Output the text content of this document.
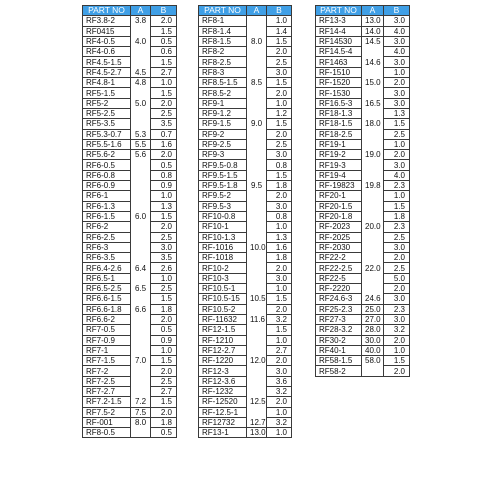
PART NO	A	B
RF3.8-2	3.8	2.0
RF0415		1.5
RF4-0.5	4.0	0.5
RF4-0.6		0.6
RF4.5-1.5		1.5
RF4.5-2.7	4.5	2.7
RF4.8-1	4.8	1.0
RF5-1.5		1.5
RF5-2	5.0	2.0
RF5-2.5		2.5
RF5-3.5		3.5
RF5.3-0.7	5.3	0.7
RF5.5-1.6	5.5	1.6
RF5.6-2	5.6	2.0
RF6-0.5		0.5
RF6-0.8		0.8
RF6-0.9		0.9
RF6-1		1.0
RF6-1.3		1.3
RF6-1.5	6.0	1.5
RF6-2		2.0
RF6-2.5		2.5
RF6-3		3.0
RF6-3.5		3.5
RF6.4-2.6	6.4	2.6
RF6.5-1		1.0
RF6.5-2.5	6.5	2.5
RF6.6-1.5		1.5
RF6.6-1.8	6.6	1.8
RF6.6-2		2.0
RF7-0.5		0.5
RF7-0.9		0.9
RF7-1		1.0
RF7-1.5	7.0	1.5
RF7-2		2.0
RF7-2.5		2.5
RF7-2.7		2.7
RF7.2-1.5	7.2	1.5
RF7.5-2	7.5	2.0
RF-001	8.0	1.8
RF8-0.5		0.5
PART NO	A	B
RF8-1		1.0
RF8-1.4		1.4
RF8-1.5	8.0	1.5
RF8-2		2.0
RF8-2.5		2.5
RF8-3		3.0
RF8.5-1.5	8.5	1.5
RF8.5-2		2.0
RF9-1		1.0
RF9-1.2		1.2
RF9-1.5	9.0	1.5
RF9-2		2.0
RF9-2.5		2.5
RF9-3		3.0
RF9.5-0.8		0.8
RF9.5-1.5		1.5
RF9.5-1.8	9.5	1.8
RF9.5-2		2.0
RF9.5-3		3.0
RF10-0.8		0.8
RF10-1		1.0
RF10-1.3		1.3
RF-1016	10.0	1.6
RF-1018		1.8
RF10-2		2.0
RF10-3		3.0
RF10.5-1		1.0
RF10.5-15	10.5	1.5
RF10.5-2		2.0
RF-11632	11.6	3.2
RF12-1.5		1.5
RF-1210		1.0
RF12-2.7		2.7
RF-1220	12.0	2.0
RF12-3		3.0
RF12-3.6		3.6
RF-1232		3.2
RF-12520	12.5	2.0
RF-12.5-1		1.0
RF12732	12.7	3.2
RF13-1	13.0	1.0
PART NO	A	B
RF13-3	13.0	3.0
RF14-4	14.0	4.0
RF14530	14.5	3.0
RF14.5-4		4.0
RF1463	14.6	3.0
RF-1510		1.0
RF-1520	15.0	2.0
RF-1530		3.0
RF16.5-3	16.5	3.0
RF18-1.3		1.3
RF18-1.5	18.0	1.5
RF18-2.5		2.5
RF19-1		1.0
RF19-2	19.0	2.0
RF19-3		3.0
RF19-4		4.0
RF-19823	19.8	2.3
RF20-1		1.0
RF20-1.5		1.5
RF20-1.8		1.8
RF-2023	20.0	2.3
RF-2025		2.5
RF-2030		3.0
RF22-2		2.0
RF22-2.5	22.0	2.5
RF22-5		5.0
RF-2220		2.0
RF24.6-3	24.6	3.0
RF25-2.3	25.0	2.3
RF27-3	27.0	3.0
RF28-3.2	28.0	3.2
RF30-2	30.0	2.0
RF40-1	40.0	1.0
RF58-1.5	58.0	1.5
RF58-2		2.0
